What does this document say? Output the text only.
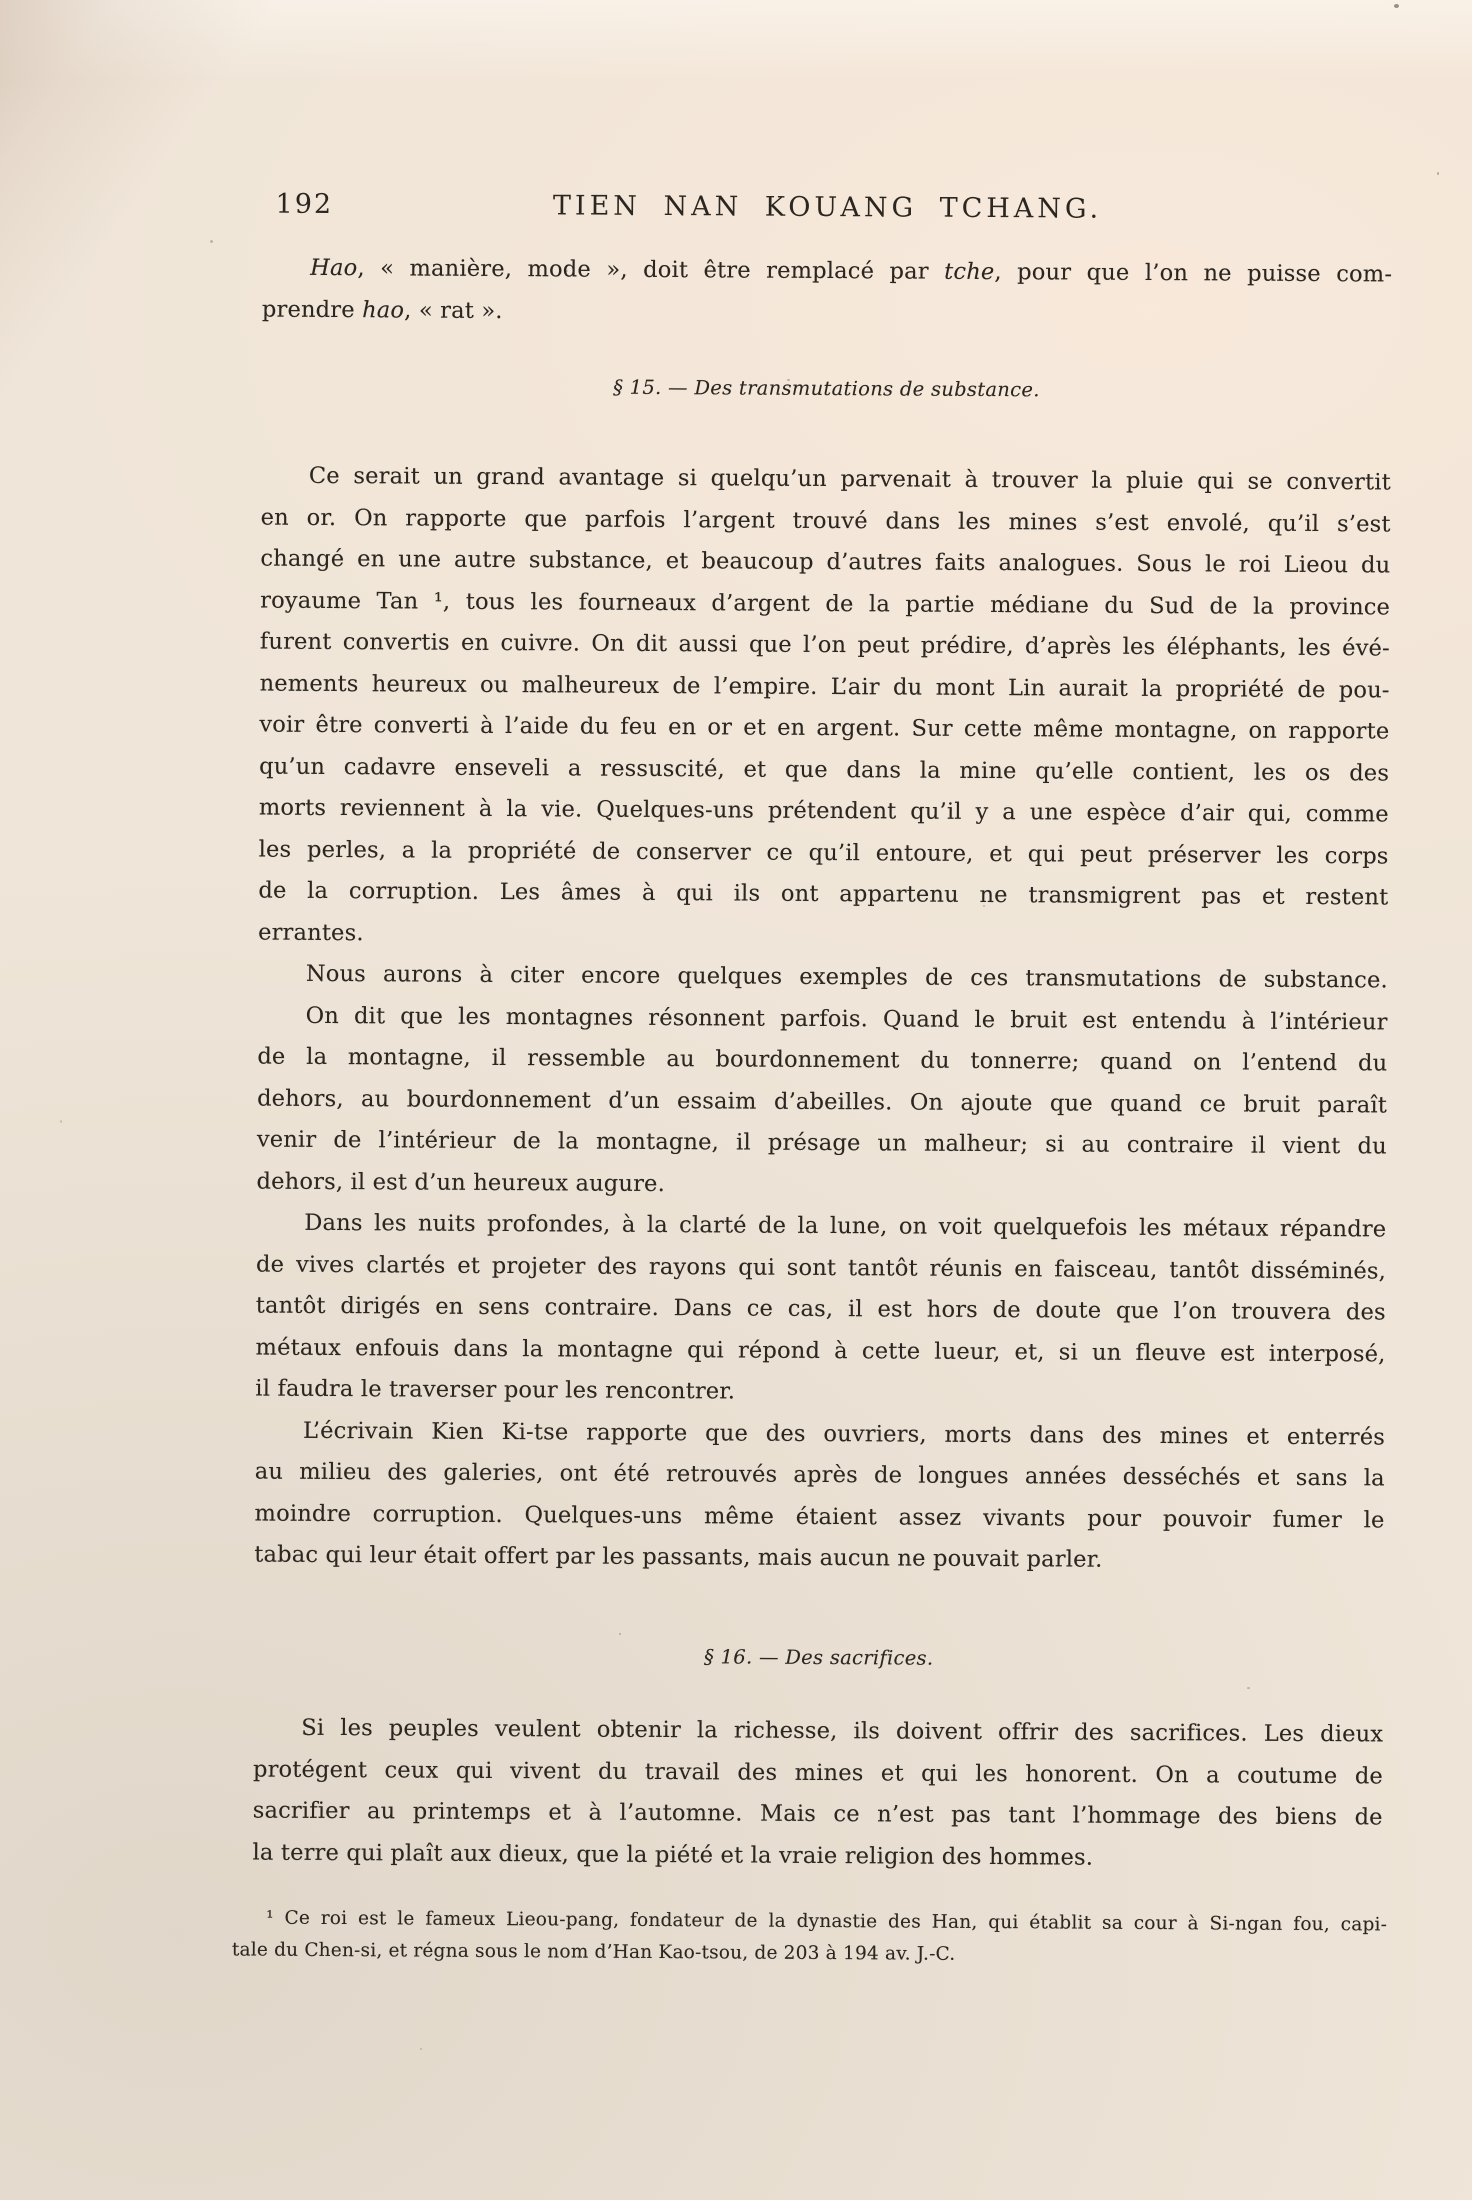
192	TIEN NAN KOUANG TCHANG.
Hao, « manière, mode », doit être remplacé par tche, pour que l’on ne puisse com-
prendre hao, « rat ».
§ 15. — Des transmutations de substance.
Ce serait un grand avantage si quelqu’un parvenait à trouver la pluie qui se convertit
en or. On rapporte que parfois l’argent trouvé dans les mines s’est envolé, qu’il s’est
changé en une autre substance, et beaucoup d’autres faits analogues. Sous le roi Lieou du
royaume Tan ¹, tous les fourneaux d’argent de la partie médiane du Sud de la province
furent convertis en cuivre. On dit aussi que l’on peut prédire, d’après les éléphants, les évé-
nements heureux ou malheureux de l’empire. L’air du mont Lin aurait la propriété de pou-
voir être converti à l’aide du feu en or et en argent. Sur cette même montagne, on rapporte
qu’un cadavre enseveli a ressuscité, et que dans la mine qu’elle contient, les os des
morts reviennent à la vie. Quelques-uns prétendent qu’il y a une espèce d’air qui, comme
les perles, a la propriété de conserver ce qu’il entoure, et qui peut préserver les corps
de la corruption. Les âmes à qui ils ont appartenu ne transmigrent pas et restent
errantes.
Nous aurons à citer encore quelques exemples de ces transmutations de substance.
On dit que les montagnes résonnent parfois. Quand le bruit est entendu à l’intérieur
de la montagne, il ressemble au bourdonnement du tonnerre; quand on l’entend du
dehors, au bourdonnement d’un essaim d’abeilles. On ajoute que quand ce bruit paraît
venir de l’intérieur de la montagne, il présage un malheur; si au contraire il vient du
dehors, il est d’un heureux augure.
Dans les nuits profondes, à la clarté de la lune, on voit quelquefois les métaux répandre
de vives clartés et projeter des rayons qui sont tantôt réunis en faisceau, tantôt disséminés,
tantôt dirigés en sens contraire. Dans ce cas, il est hors de doute que l’on trouvera des
métaux enfouis dans la montagne qui répond à cette lueur, et, si un fleuve est interposé,
il faudra le traverser pour les rencontrer.
L’écrivain Kien Ki-tse rapporte que des ouvriers, morts dans des mines et enterrés
au milieu des galeries, ont été retrouvés après de longues années desséchés et sans la
moindre corruption. Quelques-uns même étaient assez vivants pour pouvoir fumer le
tabac qui leur était offert par les passants, mais aucun ne pouvait parler.
§ 16. — Des sacrifices.
Si les peuples veulent obtenir la richesse, ils doivent offrir des sacrifices. Les dieux
protégent ceux qui vivent du travail des mines et qui les honorent. On a coutume de
sacrifier au printemps et à l’automne. Mais ce n’est pas tant l’hommage des biens de
la terre qui plaît aux dieux, que la piété et la vraie religion des hommes.
¹ Ce roi est le fameux Lieou-pang, fondateur de la dynastie des Han, qui établit sa cour à Si-ngan fou, capi-
tale du Chen-si, et régna sous le nom d’Han Kao-tsou, de 203 à 194 av. J.-C.
